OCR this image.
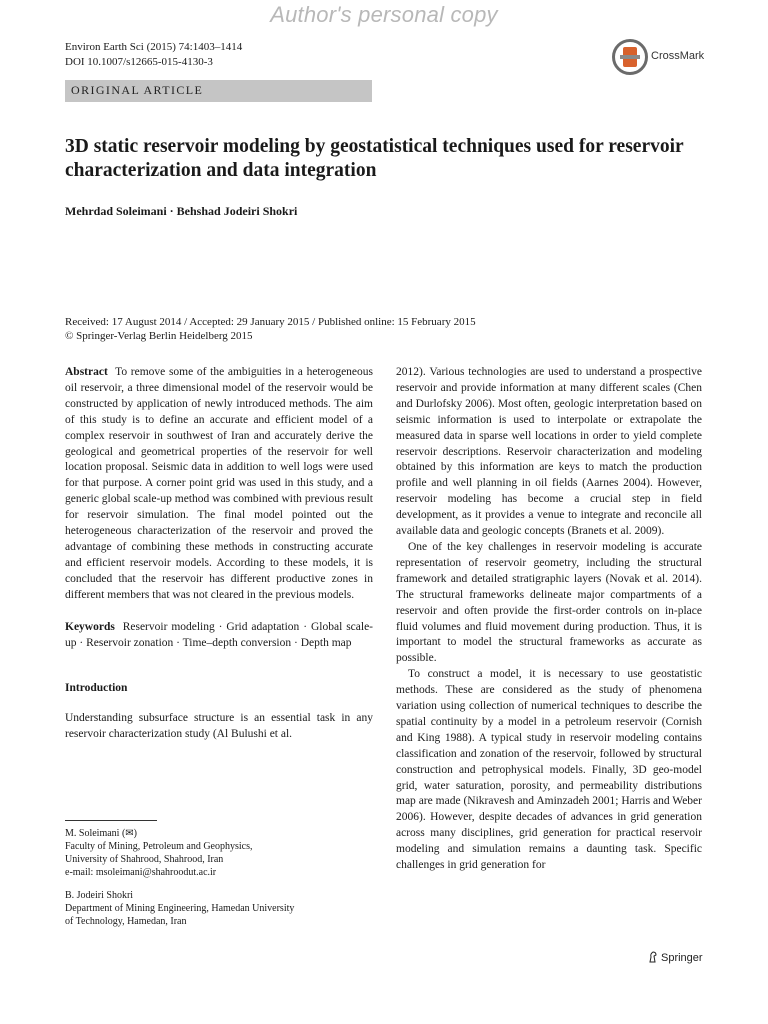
Author's personal copy
Environ Earth Sci (2015) 74:1403–1414
DOI 10.1007/s12665-015-4130-3	CrossMark
ORIGINAL ARTICLE
3D static reservoir modeling by geostatistical techniques used for reservoir characterization and data integration
Mehrdad Soleimani · Behshad Jodeiri Shokri
Received: 17 August 2014 / Accepted: 29 January 2015 / Published online: 15 February 2015
© Springer-Verlag Berlin Heidelberg 2015

Abstract To remove some of the ambiguities in a heterogeneous oil reservoir, a three dimensional model of the reservoir would be constructed by application of newly introduced methods. The aim of this study is to define an accurate and efficient model of a complex reservoir in southwest of Iran and accurately derive the geological and geometrical properties of the reservoir for well location proposal. Seismic data in addition to well logs were used for that purpose. A corner point grid was used in this study, and a generic global scale-up method was combined with previous result for reservoir simulation. The final model pointed out the heterogeneous characterization of the reservoir and proved the advantage of combining these methods in constructing accurate and efficient reservoir models. According to these models, it is concluded that the reservoir has different productive zones in different members that was not cleared in the previous models.

Keywords Reservoir modeling · Grid adaptation · Global scale-up · Reservoir zonation · Time–depth conversion · Depth map

Introduction

Understanding subsurface structure is an essential task in any reservoir characterization study (Al Bulushi et al.

M. Soleimani (✉)
Faculty of Mining, Petroleum and Geophysics,
University of Shahrood, Shahrood, Iran
e-mail: msoleimani@shahroodut.ac.ir
B. Jodeiri Shokri
Department of Mining Engineering, Hamedan University
of Technology, Hamedan, Iran

2012). Various technologies are used to understand a prospective reservoir and provide information at many different scales (Chen and Durlofsky 2006). Most often, geologic interpretation based on seismic information is used to interpolate or extrapolate the measured data in sparse well locations in order to yield complete reservoir descriptions. Reservoir characterization and modeling obtained by this information are keys to match the production profile and well planning in oil fields (Aarnes 2004). However, reservoir modeling has become a crucial step in field development, as it provides a venue to integrate and reconcile all available data and geologic concepts (Branets et al. 2009).

One of the key challenges in reservoir modeling is accurate representation of reservoir geometry, including the structural framework and detailed stratigraphic layers (Novak et al. 2014). The structural frameworks delineate major compartments of a reservoir and often provide the first-order controls on in-place fluid volumes and fluid movement during production. Thus, it is important to model the structural frameworks as accurate as possible.

To construct a model, it is necessary to use geostatistic methods. These are considered as the study of phenomena variation using collection of numerical techniques to describe the spatial continuity by a model in a petroleum reservoir (Cornish and King 1988). A typical study in reservoir modeling contains classification and zonation of the reservoir, followed by structural construction and petrophysical models. Finally, 3D geo-model grid, water saturation, porosity, and permeability distributions map are made (Nikravesh and Aminzadeh 2001; Harris and Weber 2006). However, despite decades of advances in grid generation across many disciplines, grid generation for practical reservoir modeling and simulation remains a daunting task. Specific challenges in grid generation for

Springer
